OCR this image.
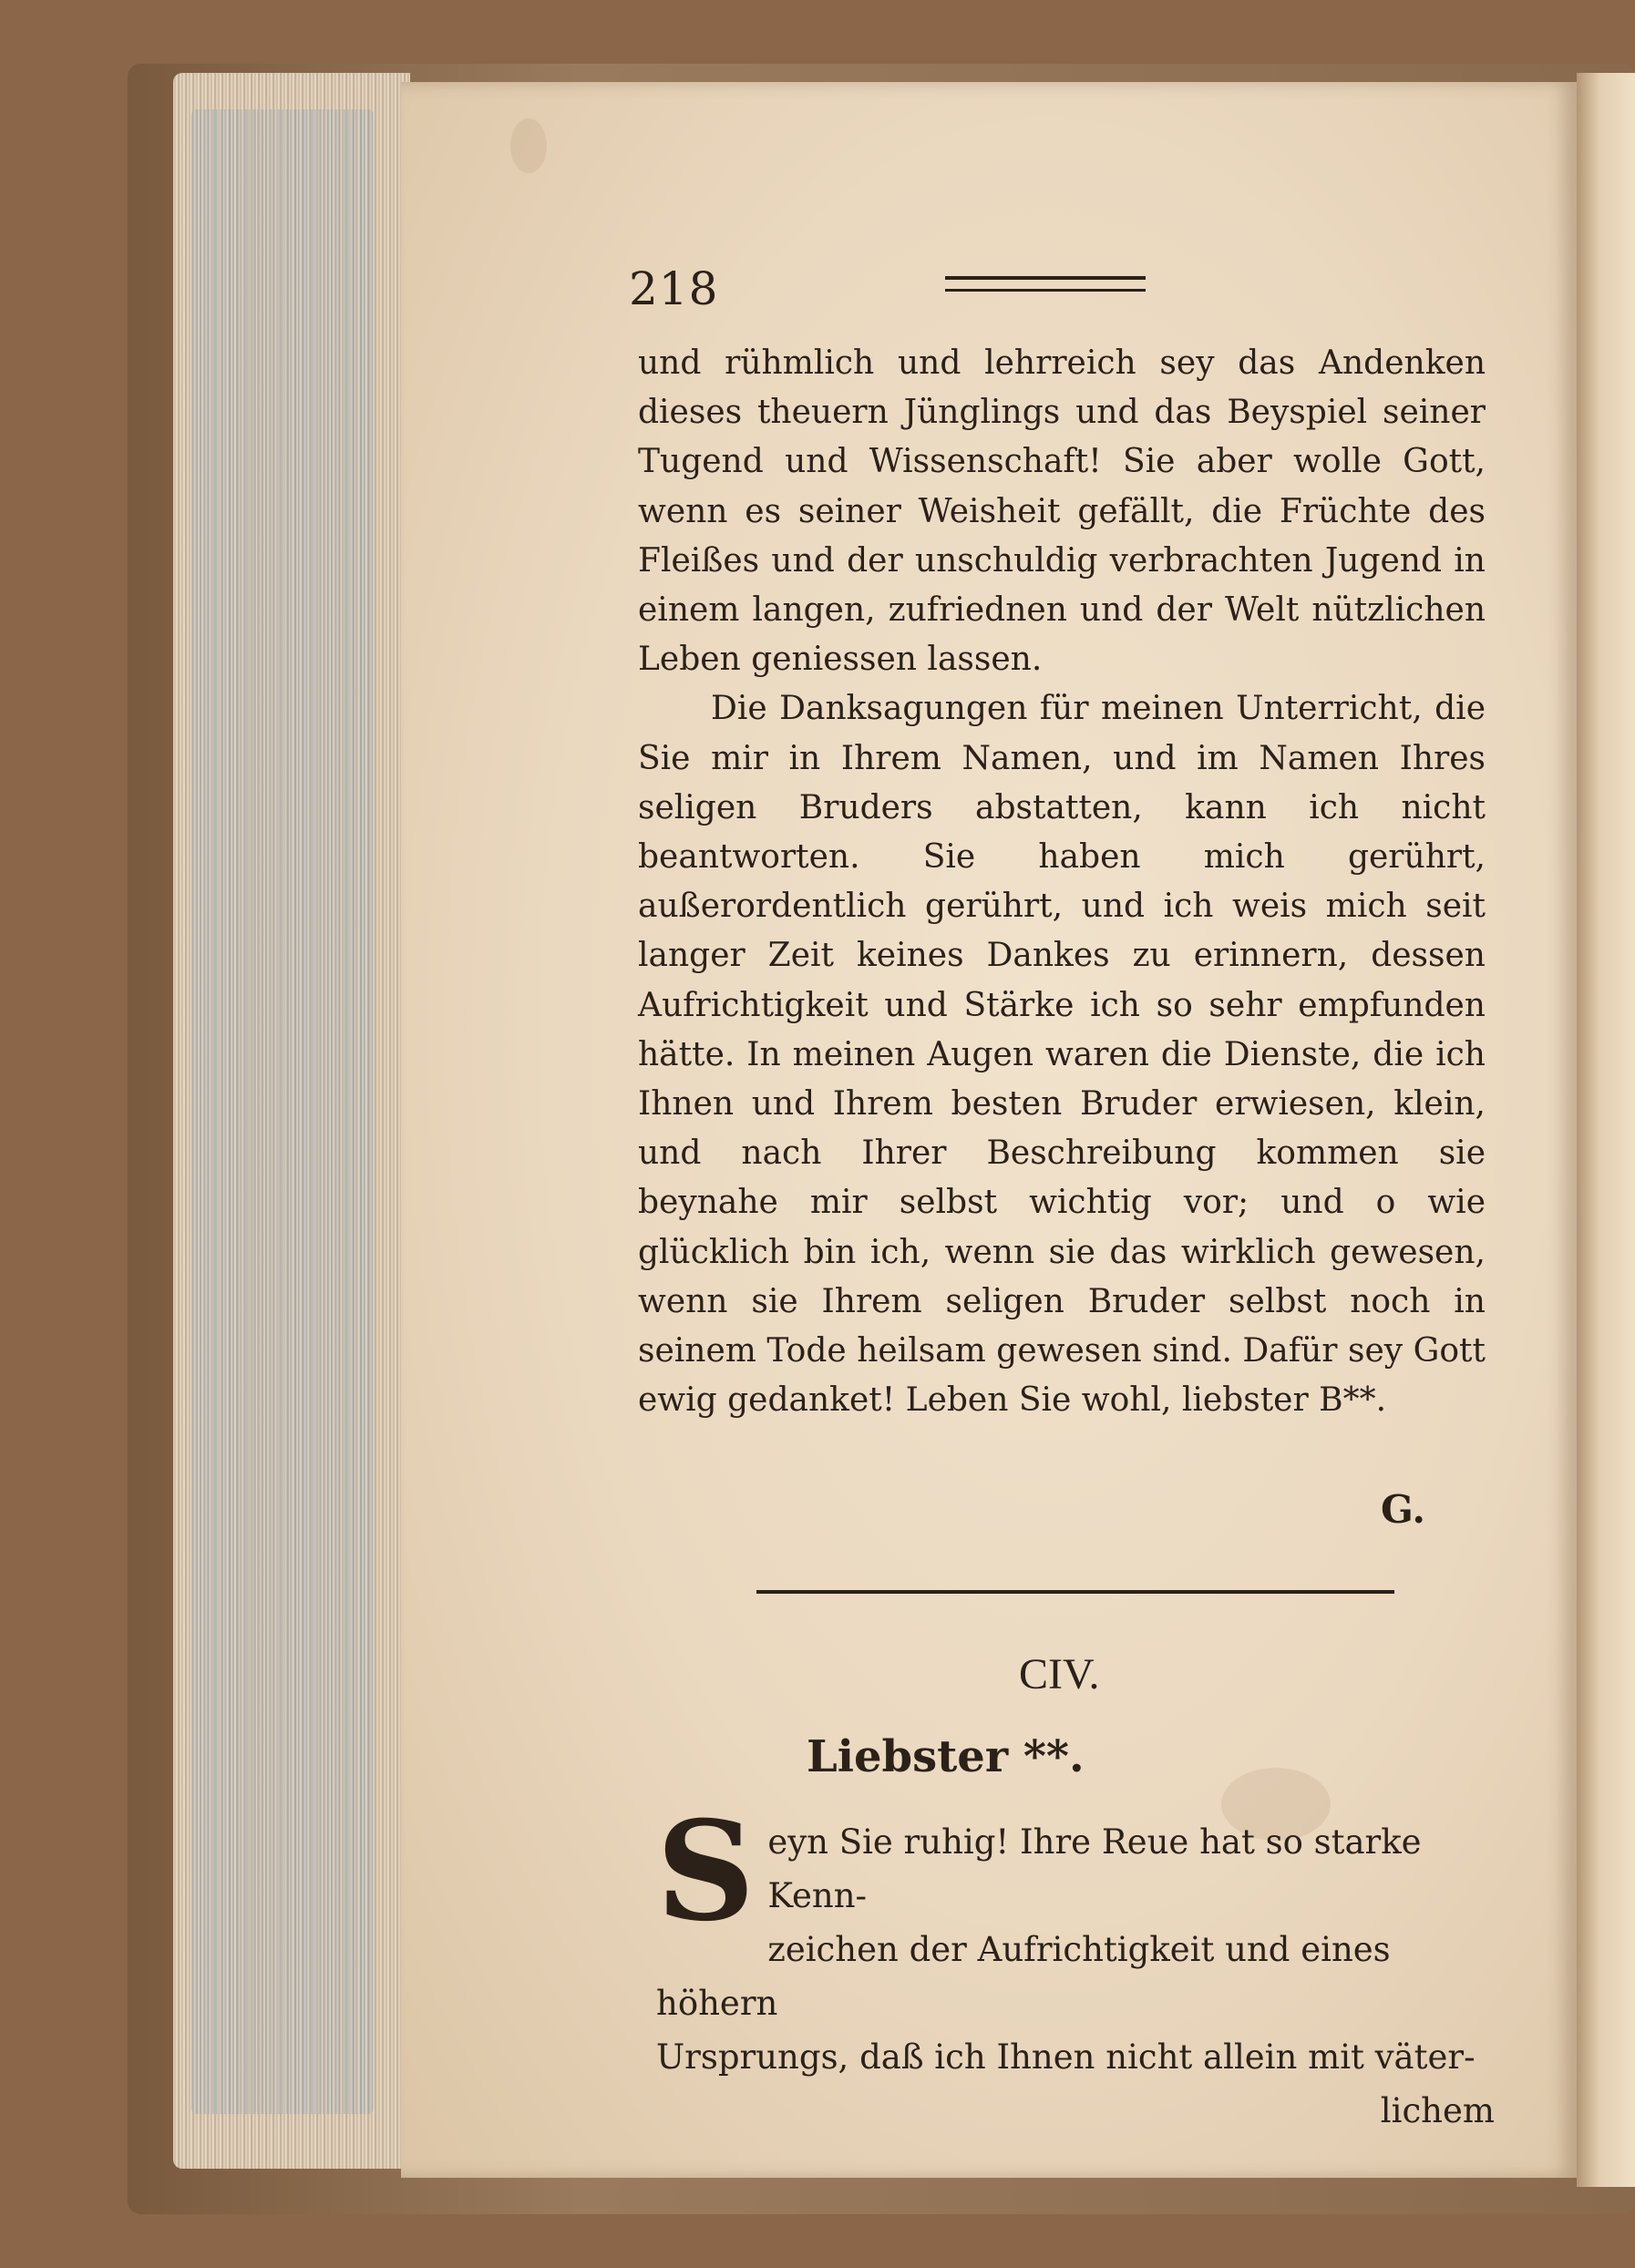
218

und rühmlich und lehrreich sey das Andenken dieses theuern Jünglings und das Beyspiel seiner Tugend und Wissenschaft! Sie aber wolle Gott, wenn es seiner Weisheit gefällt, die Früchte des Fleißes und der unschuldig verbrachten Jugend in einem langen, zufriednen und der Welt nützlichen Leben geniessen lassen.

Die Danksagungen für meinen Unterricht, die Sie mir in Ihrem Namen, und im Namen Ihres seligen Bruders abstatten, kann ich nicht beantworten. Sie haben mich gerührt, außerordentlich gerührt, und ich weis mich seit langer Zeit keines Dankes zu erinnern, dessen Aufrichtigkeit und Stärke ich so sehr empfunden hätte. In meinen Augen waren die Dienste, die ich Ihnen und Ihrem besten Bruder erwiesen, klein, und nach Ihrer Beschreibung kommen sie beynahe mir selbst wichtig vor; und o wie glücklich bin ich, wenn sie das wirklich gewesen, wenn sie Ihrem seligen Bruder selbst noch in seinem Tode heilsam gewesen sind. Dafür sey Gott ewig gedanket! Leben Sie wohl, liebster B**.

G.
CIV.
Liebster **.
S eyn Sie ruhig! Ihre Reue hat so starke Kenn-
zeichen der Aufrichtigkeit und eines höhern
Ursprungs, daß ich Ihnen nicht allein mit väter-
lichem
